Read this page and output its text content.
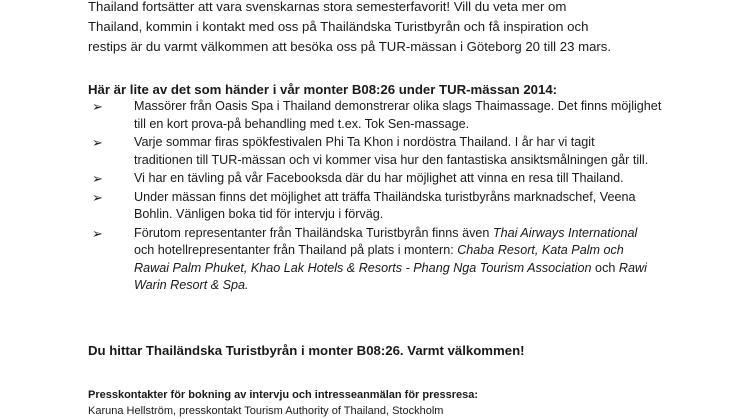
Thailand fortsätter att vara svenskarnas stora semesterfavorit! Vill du veta mer om
Thailand, kommin i kontakt med oss på Thailändska Turistbyrån och få inspiration och
restips är du varmt välkommen att besöka oss på TUR-mässan i Göteborg 20 till 23 mars.
Här är lite av det som händer i vår monter B08:26 under TUR-mässan 2014:
➢ Massörer från Oasis Spa i Thailand demonstrerar olika slags Thaimassage. Det finns möjlighet
till en kort prova-på behandling med t.ex. Tok Sen-massage.
➢ Varje sommar firas spökfestivalen Phi Ta Khon i nordöstra Thailand. I år har vi tagit
traditionen till TUR-mässan och vi kommer visa hur den fantastiska ansiktsmålningen går till.
➢ Vi har en tävling på vår Facebooksda där du har möjlighet att vinna en resa till Thailand.
➢ Under mässan finns det möjlighet att träffa Thailändska turistbyråns marknadschef, Veena
Bohlin. Vänligen boka tid för intervju i förväg.
➢ Förutom representanter från Thailändska Turistbyrån finns även Thai Airways International
och hotellrepresentanter från Thailand på plats i montern: Chaba Resort, Kata Palm och
Rawai Palm Phuket, Khao Lak Hotels & Resorts - Phang Nga Tourism Association och Rawi
Warin Resort & Spa.
Du hittar Thailändska Turistbyrån i monter B08:26. Varmt välkommen!
Presskontakter för bokning av intervju och intresseanmälan för pressresa:
Karuna Hellström, presskontakt Tourism Authority of Thailand, Stockholm
